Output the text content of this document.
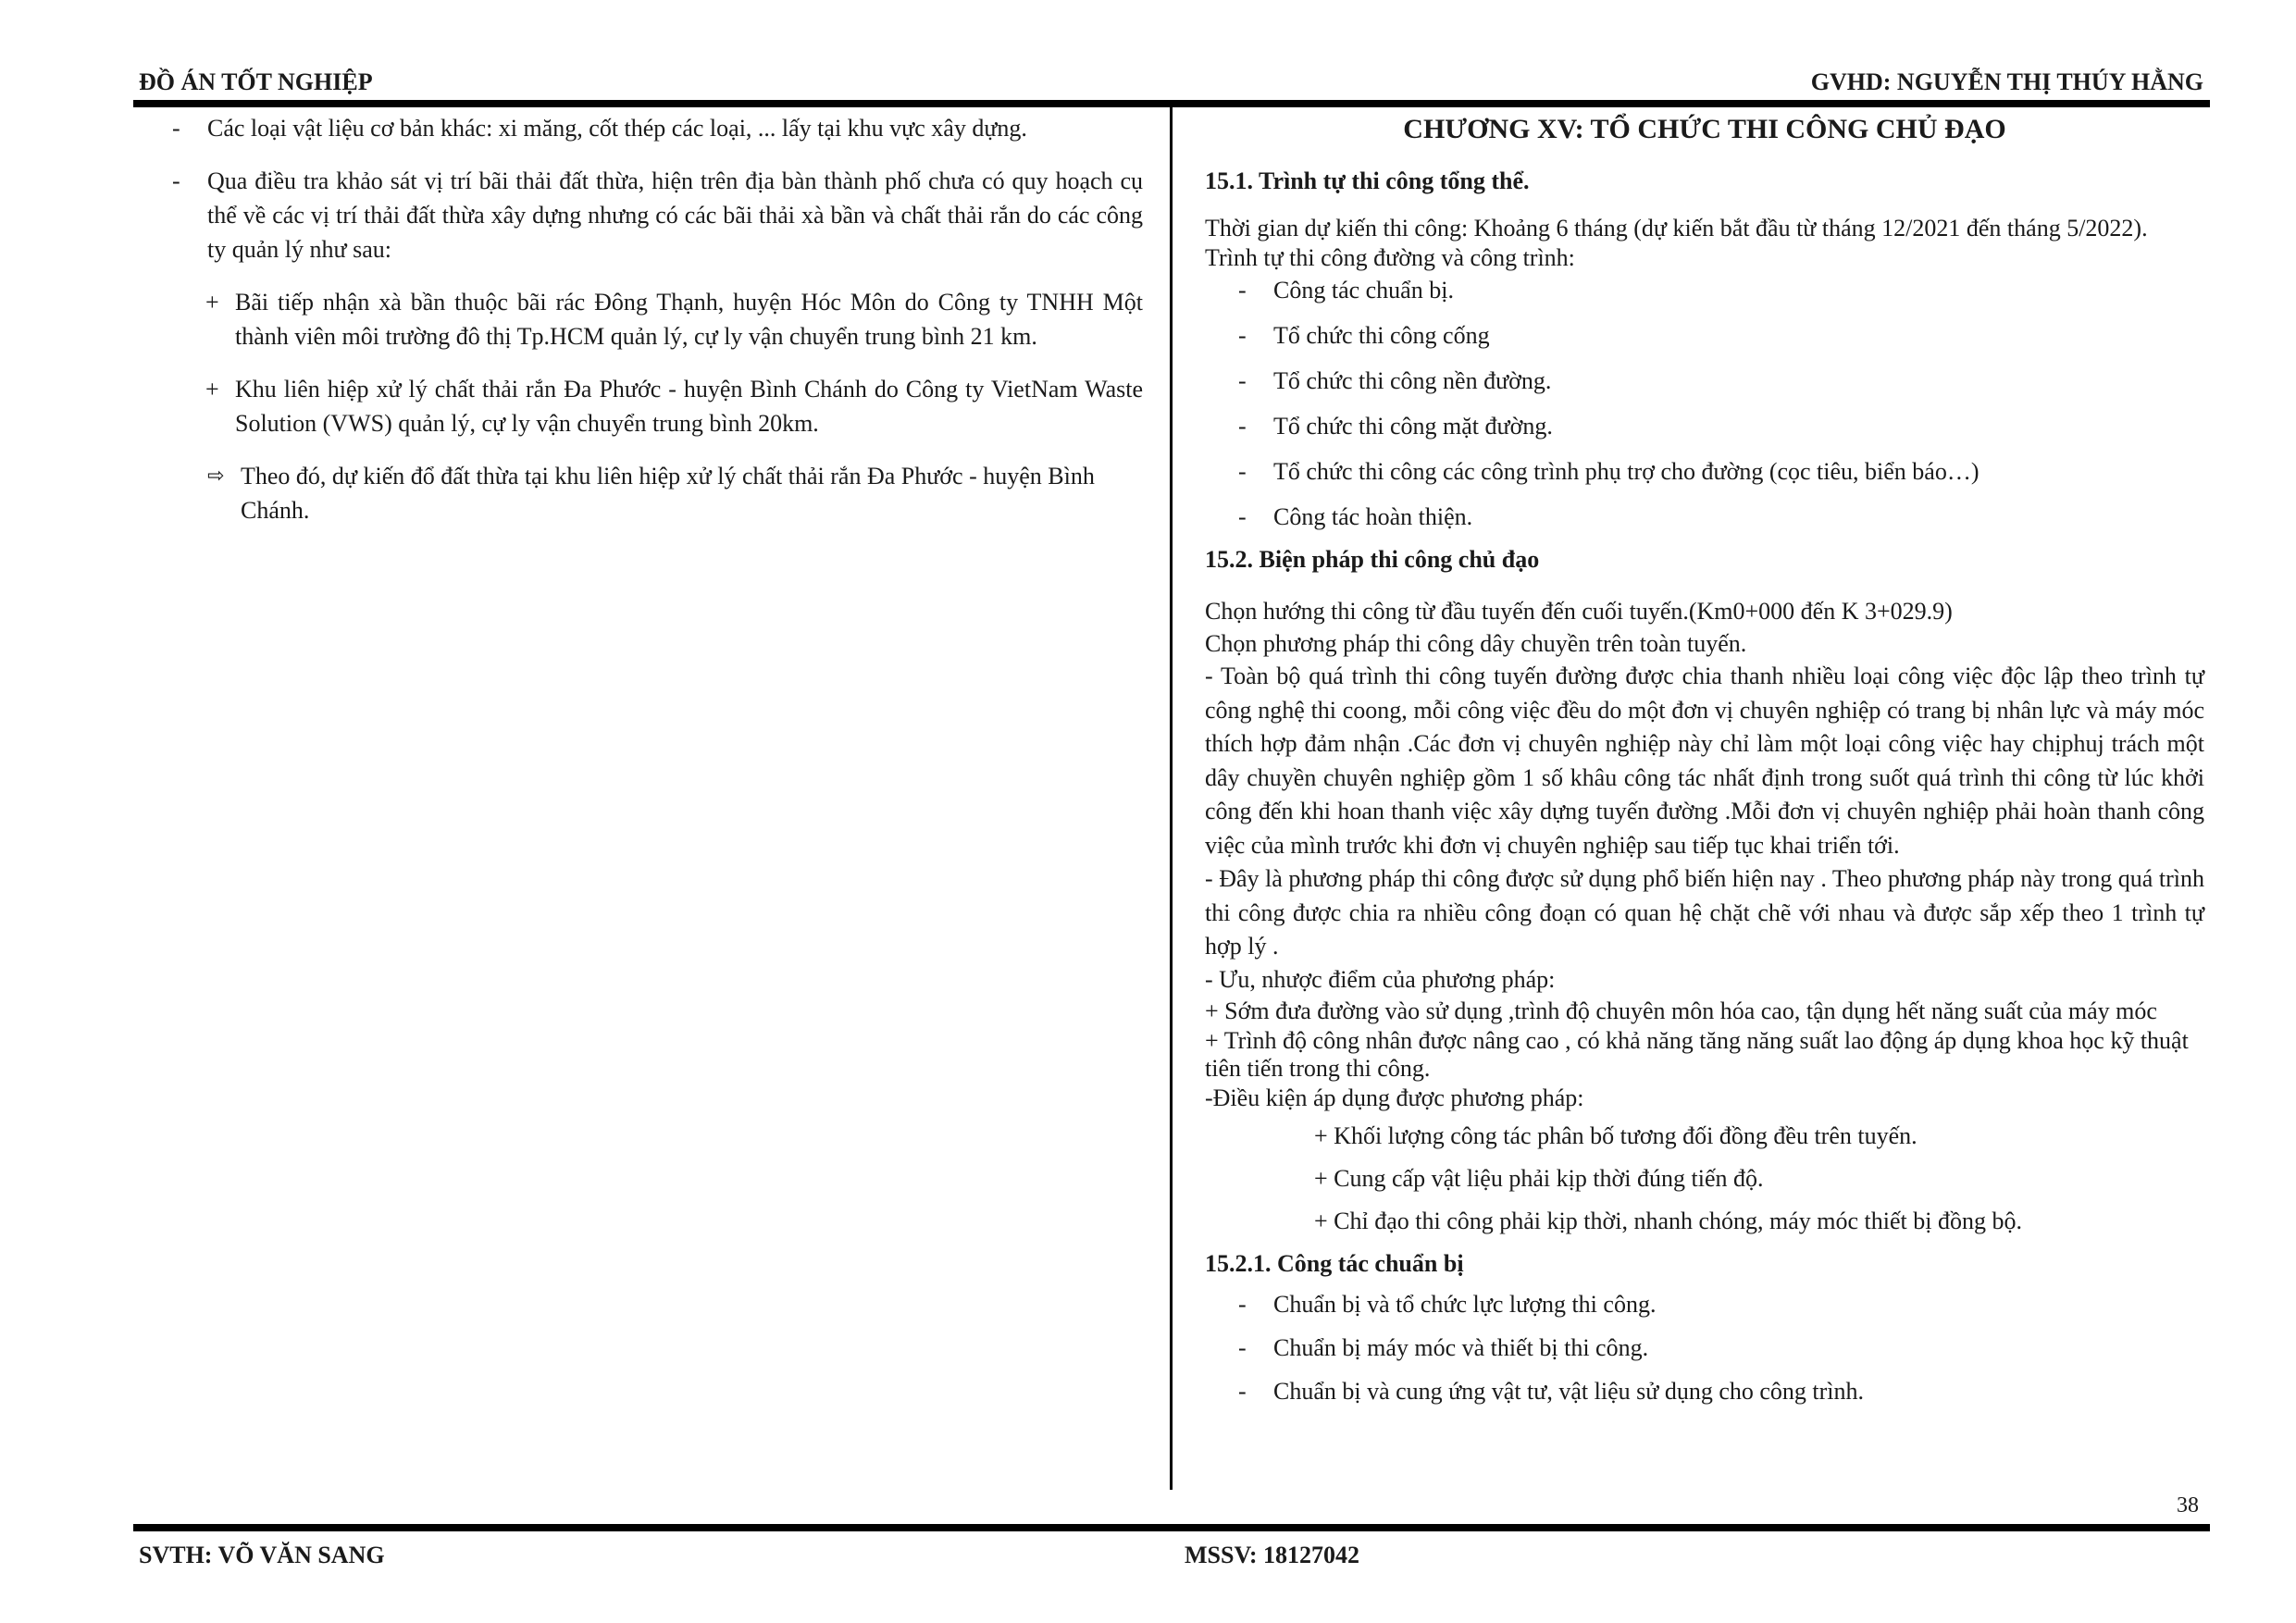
ĐỒ ÁN TỐT NGHIỆP	GVHD: NGUYỄN THỊ THÚY HẰNG
- Các loại vật liệu cơ bản khác: xi măng, cốt thép các loại, ... lấy tại khu vực xây dựng.
- Qua điều tra khảo sát vị trí bãi thải đất thừa, hiện trên địa bàn thành phố chưa có quy hoạch cụ thể về các vị trí thải đất thừa xây dựng nhưng có các bãi thải xà bần và chất thải rắn do các công ty quản lý như sau:
+ Bãi tiếp nhận xà bần thuộc bãi rác Đông Thạnh, huyện Hóc Môn do Công ty TNHH Một thành viên môi trường đô thị Tp.HCM quản lý, cự ly vận chuyển trung bình 21 km.
+ Khu liên hiệp xử lý chất thải rắn Đa Phước - huyện Bình Chánh do Công ty VietNam Waste Solution (VWS) quản lý, cự ly vận chuyển trung bình 20km.
⇨ Theo đó, dự kiến đổ đất thừa tại khu liên hiệp xử lý chất thải rắn Đa Phước - huyện Bình Chánh.
CHƯƠNG XV: TỔ CHỨC THI CÔNG CHỦ ĐẠO
15.1. Trình tự thi công tổng thể.
Thời gian dự kiến thi công: Khoảng 6 tháng (dự kiến bắt đầu từ tháng 12/2021 đến tháng 5/2022).
Trình tự thi công đường và công trình:
- Công tác chuẩn bị.
- Tổ chức thi công cống
- Tổ chức thi công nền đường.
- Tổ chức thi công mặt đường.
- Tổ chức thi công các công trình phụ trợ cho đường (cọc tiêu, biển báo…)
- Công tác hoàn thiện.
15.2. Biện pháp thi công chủ đạo
Chọn hướng thi công từ đầu tuyến đến cuối tuyến.(Km0+000 đến K 3+029.9)
Chọn phương pháp thi công dây chuyền trên toàn tuyến.
- Toàn bộ quá trình thi công tuyến đường được chia thanh nhiều loại công việc độc lập theo trình tự công nghệ thi coong, mỗi công việc đều do một đơn vị chuyên nghiệp có trang bị nhân lực và máy móc thích hợp đảm nhận .Các đơn vị chuyên nghiệp này chỉ làm một loại công việc hay chịphuj trách một dây chuyền chuyên nghiệp gồm 1 số khâu công tác nhất định trong suốt quá trình thi công từ lúc khởi công đến khi hoan thanh việc xây dựng tuyến đường .Mỗi đơn vị chuyên nghiệp phải hoàn thanh công việc của mình trước khi đơn vị chuyên nghiệp sau tiếp tục khai triển tới.
- Đây là phương pháp thi công được sử dụng phổ biến hiện nay . Theo phương pháp này trong quá trình thi công được chia ra nhiều công đoạn có quan hệ chặt chẽ với nhau và được sắp xếp theo 1 trình tự hợp lý .
- Ưu, nhược điểm của phương pháp:
+ Sớm đưa đường vào sử dụng ,trình độ chuyên môn hóa cao, tận dụng hết năng suất của máy móc
+ Trình độ công nhân được nâng cao , có khả năng tăng năng suất lao động áp dụng khoa học kỹ thuật tiên tiến trong thi công.
-Điều kiện áp dụng được phương pháp:
+ Khối lượng công tác phân bố tương đối đồng đều trên tuyến.
+ Cung cấp vật liệu phải kịp thời đúng tiến độ.
+ Chỉ đạo thi công phải kịp thời, nhanh chóng, máy móc thiết bị đồng bộ.
15.2.1. Công tác chuẩn bị
- Chuẩn bị và tổ chức lực lượng thi công.
- Chuẩn bị máy móc và thiết bị thi công.
- Chuẩn bị và cung ứng vật tư, vật liệu sử dụng cho công trình.
38
SVTH: VÕ VĂN SANG	MSSV: 18127042
